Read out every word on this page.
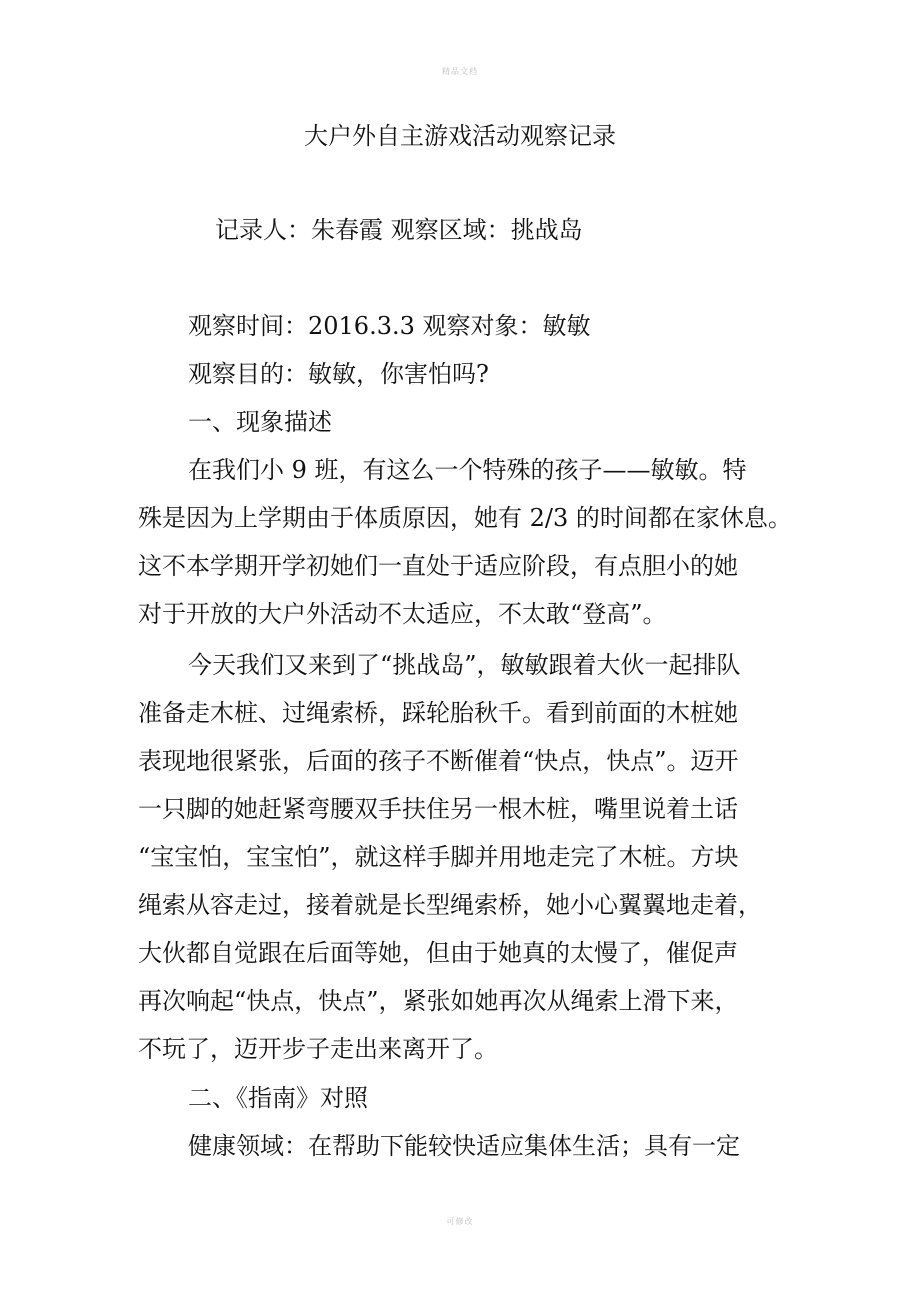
精品文档
大户外自主游戏活动观察记录
记录人：朱春霞 观察区域：挑战岛
观察时间：2016.3.3 观察对象：敏敏
观察目的：敏敏，你害怕吗?
一、现象描述
在我们小 9 班，有这么一个特殊的孩子——敏敏。特
殊是因为上学期由于体质原因，她有 2/3 的时间都在家休息。
这不本学期开学初她们一直处于适应阶段，有点胆小的她
对于开放的大户外活动不太适应，不太敢“登高”。
今天我们又来到了“挑战岛”，敏敏跟着大伙一起排队
准备走木桩、过绳索桥，踩轮胎秋千。看到前面的木桩她
表现地很紧张，后面的孩子不断催着“快点，快点”。迈开
一只脚的她赶紧弯腰双手扶住另一根木桩，嘴里说着土话
“宝宝怕，宝宝怕”，就这样手脚并用地走完了木桩。方块
绳索从容走过，接着就是长型绳索桥，她小心翼翼地走着，
大伙都自觉跟在后面等她，但由于她真的太慢了，催促声
再次响起“快点，快点”，紧张如她再次从绳索上滑下来，
不玩了，迈开步子走出来离开了。
二、《指南》对照
健康领域：在帮助下能较快适应集体生活；具有一定
可修改
